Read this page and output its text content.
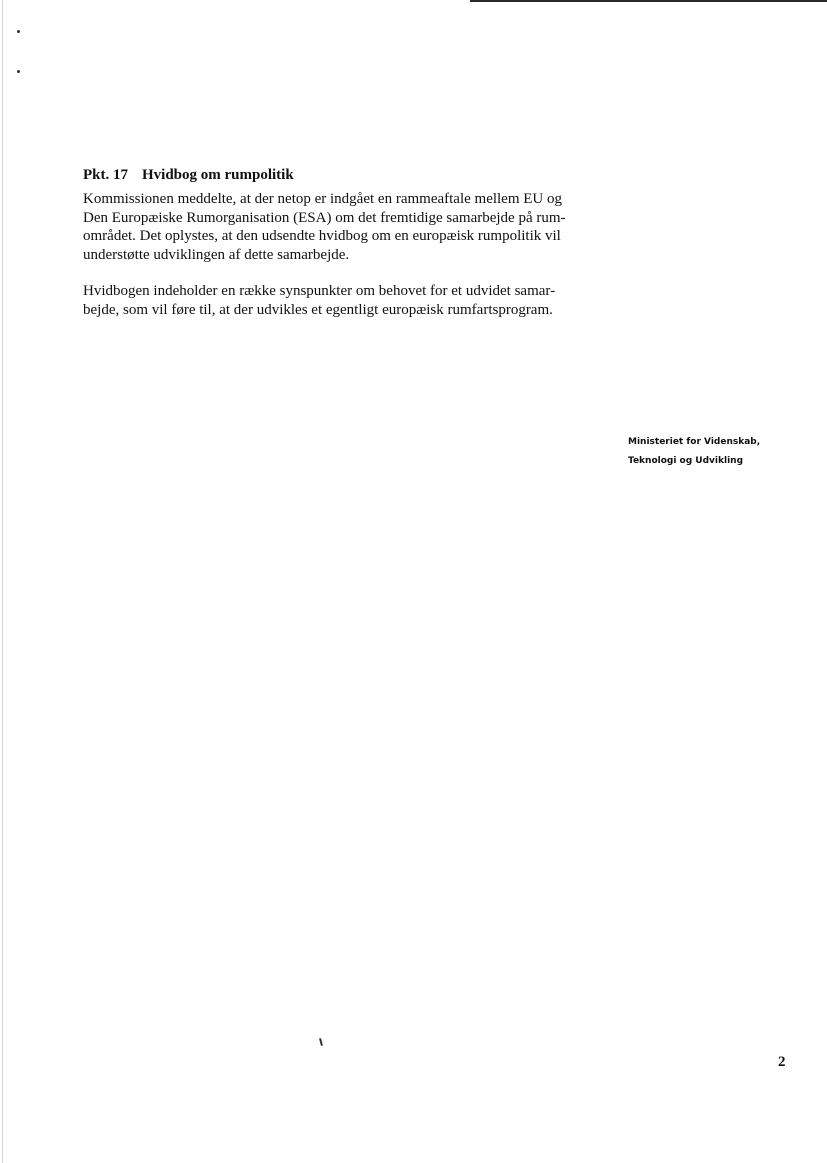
Pkt. 17 Hvidbog om rumpolitik

Kommissionen meddelte, at der netop er indgået en rammeaftale mellem EU og

Den Europæiske Rumorganisation (ESA) om det fremtidige samarbejde på rum-

området. Det oplystes, at den udsendte hvidbog om en europæisk rumpolitik vil

understøtte udviklingen af dette samarbejde.

Hvidbogen indeholder en række synspunkter om behovet for et udvidet samar-

bejde, som vil føre til, at der udvikles et egentligt europæisk rumfartsprogram.

Ministeriet for Videnskab,
Teknologi og Udvikling
2
